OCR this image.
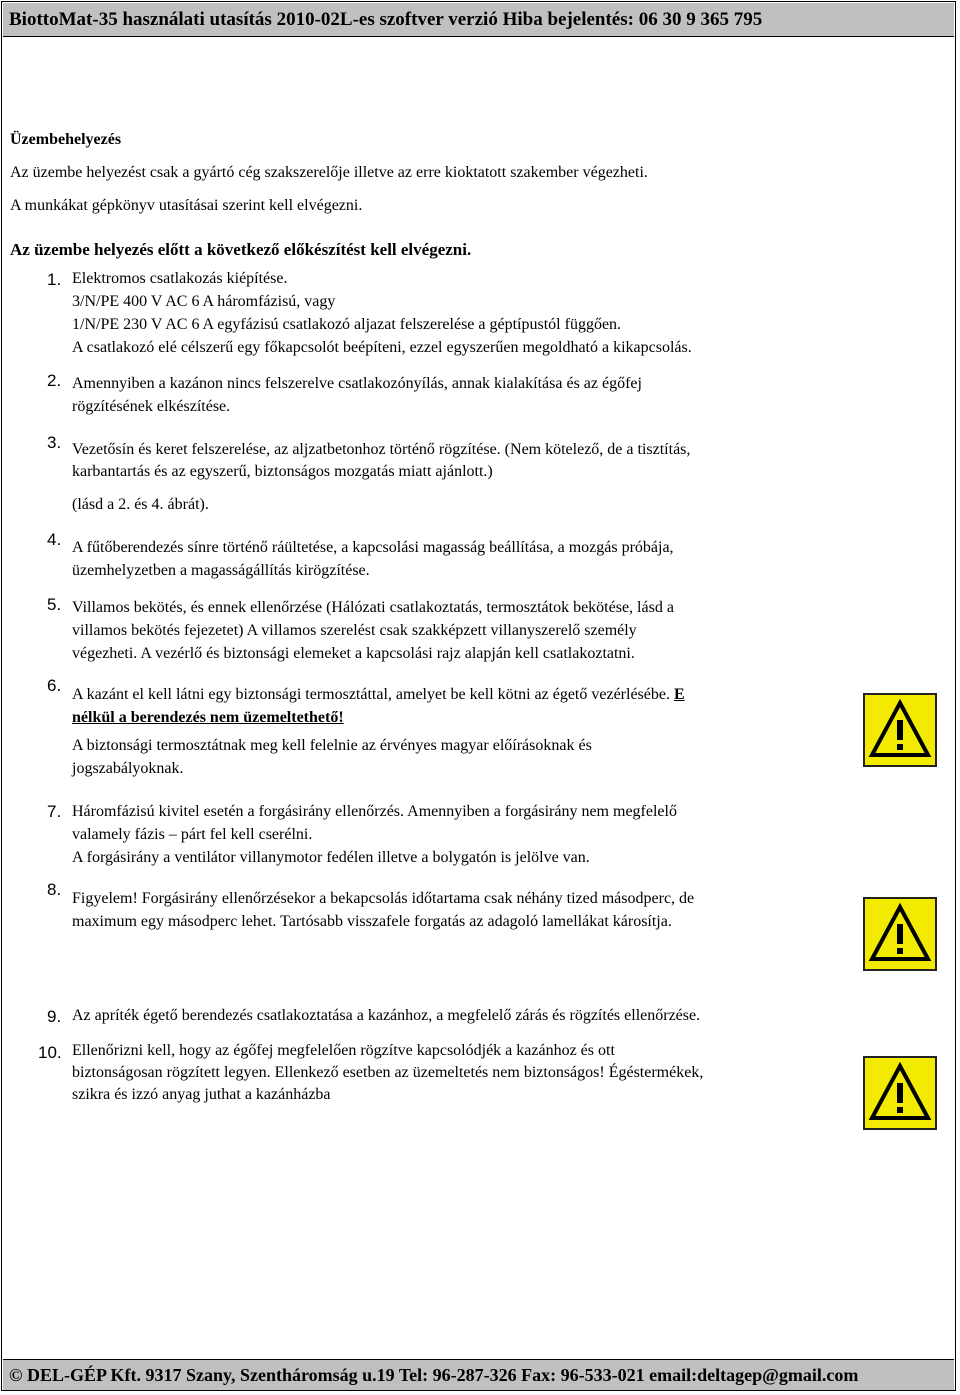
BiottoMat-35 használati utasítás 2010-02L-es szoftver verzió Hiba bejelentés: 06 30 9 365 795
Üzembehelyezés
Az üzembe helyezést csak a gyártó cég szakszerelője illetve az erre kioktatott szakember végezheti.
A munkákat gépkönyv utasításai szerint kell elvégezni.
Az üzembe helyezés előtt a következő előkészítést kell elvégezni.
1. Elektromos csatlakozás kiépítése.
3/N/PE 400 V AC 6 A háromfázisú, vagy
1/N/PE 230 V AC 6 A egyfázisú csatlakozó aljazat felszerelése a géptípustól függően.
A csatlakozó elé célszerű egy főkapcsolót beépíteni, ezzel egyszerűen megoldható a kikapcsolás.
2. Amennyiben a kazánon nincs felszerelve csatlakozónyílás, annak kialakítása és az égőfej
rögzítésének elkészítése.
3. Vezetősín és keret felszerelése, az aljzatbetonhoz történő rögzítése. (Nem kötelező, de a tisztítás,
karbantartás és az egyszerű, biztonságos mozgatás miatt ajánlott.)
(lásd a 2. és 4. ábrát).
4. A fűtőberendezés sínre történő ráültetése, a kapcsolási magasság beállítása, a mozgás próbája,
üzemhelyzetben a magasságállítás kirögzítése.
5. Villamos bekötés, és ennek ellenőrzése (Hálózati csatlakoztatás, termosztátok bekötése, lásd a
villamos bekötés fejezetet) A villamos szerelést csak szakképzett villanyszerelő személy
végezheti. A vezérlő és biztonsági elemeket a kapcsolási rajz alapján kell csatlakoztatni.
6. A kazánt el kell látni egy biztonsági termosztáttal, amelyet be kell kötni az égető vezérlésébe. E
nélkül a berendezés nem üzemeltethető!
A biztonsági termosztátnak meg kell felelnie az érvényes magyar előírásoknak és
jogszabályoknak.
7. Háromfázisú kivitel esetén a forgásirány ellenőrzés. Amennyiben a forgásirány nem megfelelő
valamely fázis – párt fel kell cserélni.
A forgásirány a ventilátor villanymotor fedélen illetve a bolygatón is jelölve van.
8. Figyelem! Forgásirány ellenőrzésekor a bekapcsolás időtartama csak néhány tized másodperc, de
maximum egy másodperc lehet. Tartósabb visszafele forgatás az adagoló lamellákat károsítja.
9. Az apríték égető berendezés csatlakoztatása a kazánhoz, a megfelelő zárás és rögzítés ellenőrzése.
10. Ellenőrizni kell, hogy az égőfej megfelelően rögzítve kapcsolódjék a kazánhoz és ott
biztonságosan rögzített legyen. Ellenkező esetben az üzemeltetés nem biztonságos! Égéstermékek,
szikra és izzó anyag juthat a kazánházba
© DEL-GÉP Kft. 9317 Szany, Szentháromság u.19 Tel: 96-287-326 Fax: 96-533-021 email:deltagep@gmail.com
